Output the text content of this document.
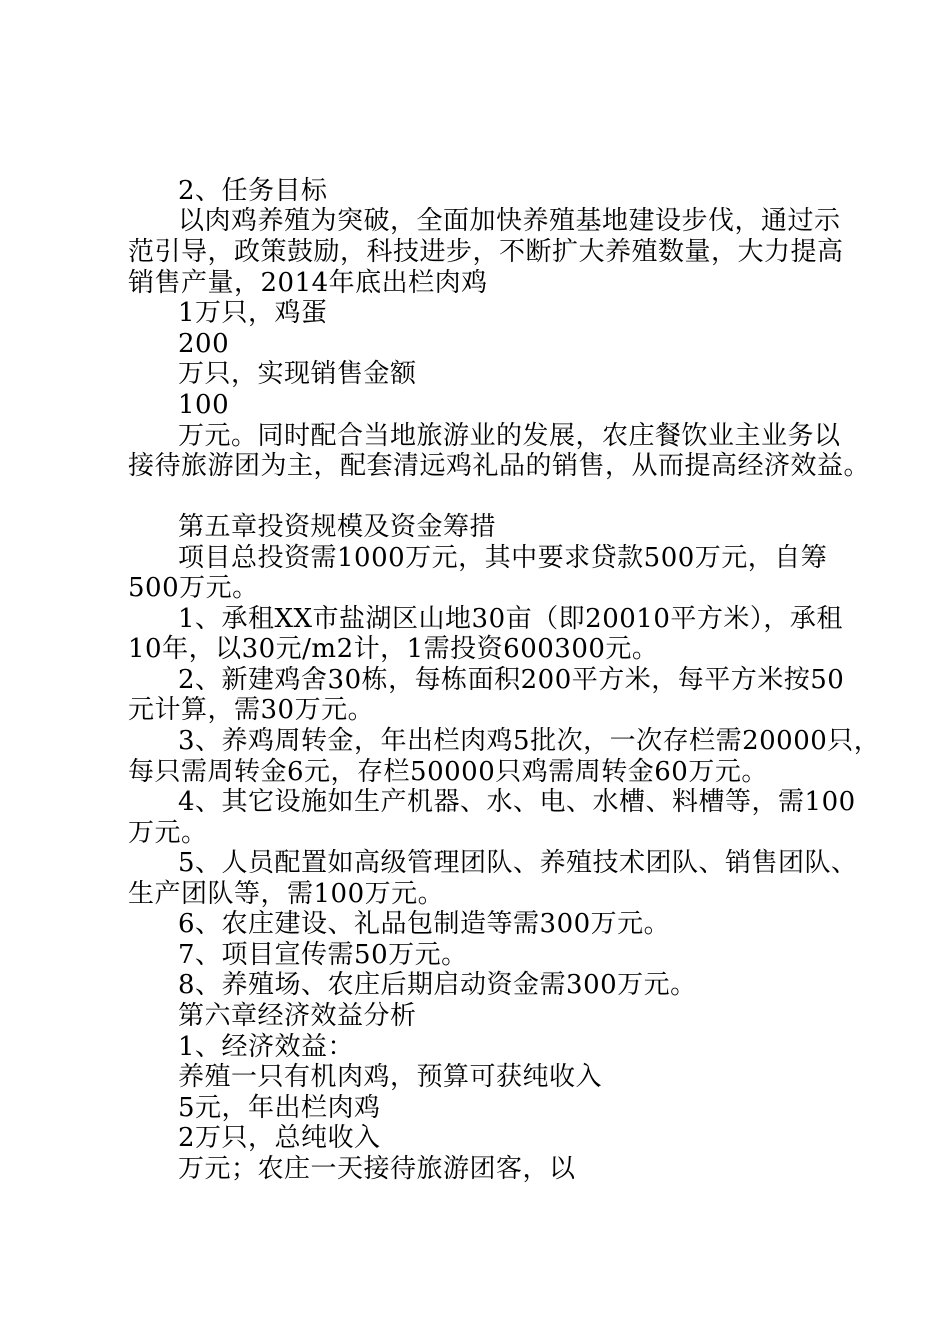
2、任务目标
以肉鸡养殖为突破，全面加快养殖基地建设步伐，通过示
范引导，政策鼓励，科技进步，不断扩大养殖数量，大力提高
销售产量，2014年底出栏肉鸡
1万只，鸡蛋
200
万只，实现销售金额
100
万元。同时配合当地旅游业的发展，农庄餐饮业主业务以
接待旅游团为主，配套清远鸡礼品的销售，从而提高经济效益。
第五章投资规模及资金筹措
项目总投资需1000万元，其中要求贷款500万元，自筹
500万元。
1、承租XX市盐湖区山地30亩（即20010平方米），承租
10年，以30元/m2计，1需投资600300元。
2、新建鸡舍30栋，每栋面积200平方米，每平方米按50
元计算，需30万元。
3、养鸡周转金，年出栏肉鸡5批次，一次存栏需20000只，
每只需周转金6元，存栏50000只鸡需周转金60万元。
4、其它设施如生产机器、水、电、水槽、料槽等，需100
万元。
5、人员配置如高级管理团队、养殖技术团队、销售团队、
生产团队等，需100万元。
6、农庄建设、礼品包制造等需300万元。
7、项目宣传需50万元。
8、养殖场、农庄后期启动资金需300万元。
第六章经济效益分析
1、经济效益：
养殖一只有机肉鸡，预算可获纯收入
5元，年出栏肉鸡
2万只，总纯收入
万元；农庄一天接待旅游团客，以
